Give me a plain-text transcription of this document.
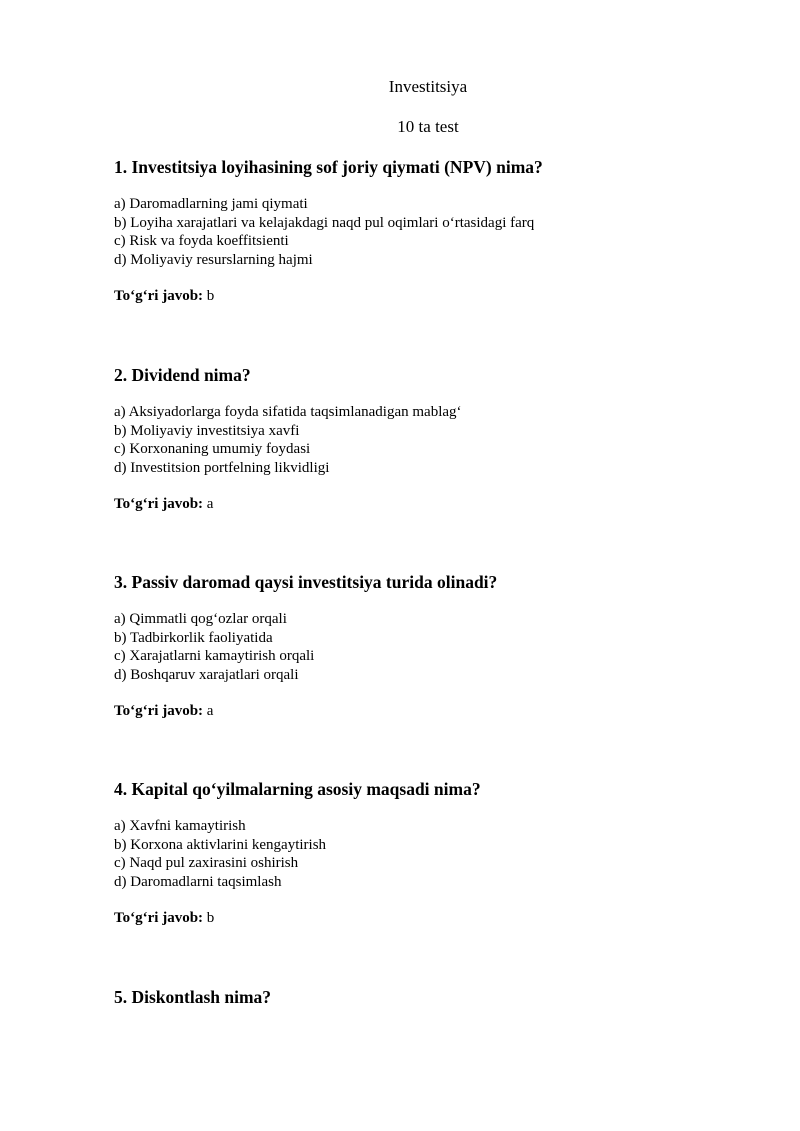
Investitsiya
10 ta test
1. Investitsiya loyihasining sof joriy qiymati (NPV) nima?
a) Daromadlarning jami qiymati
b) Loyiha xarajatlari va kelajakdagi naqd pul oqimlari oʻrtasidagi farq
c) Risk va foyda koeffitsienti
d) Moliyaviy resurslarning hajmi
Toʻgʻri javob: b
2. Dividend nima?
a) Aksiyadorlarga foyda sifatida taqsimlanadigan mablagʻ
b) Moliyaviy investitsiya xavfi
c) Korxonaning umumiy foydasi
d) Investitsion portfelning likvidligi
Toʻgʻri javob: a
3. Passiv daromad qaysi investitsiya turida olinadi?
a) Qimmatli qogʻozlar orqali
b) Tadbirkorlik faoliyatida
c) Xarajatlarni kamaytirish orqali
d) Boshqaruv xarajatlari orqali
Toʻgʻri javob: a
4. Kapital qoʻyilmalarning asosiy maqsadi nima?
a) Xavfni kamaytirish
b) Korxona aktivlarini kengaytirish
c) Naqd pul zaxirasini oshirish
d) Daromadlarni taqsimlash
Toʻgʻri javob: b
5. Diskontlash nima?
